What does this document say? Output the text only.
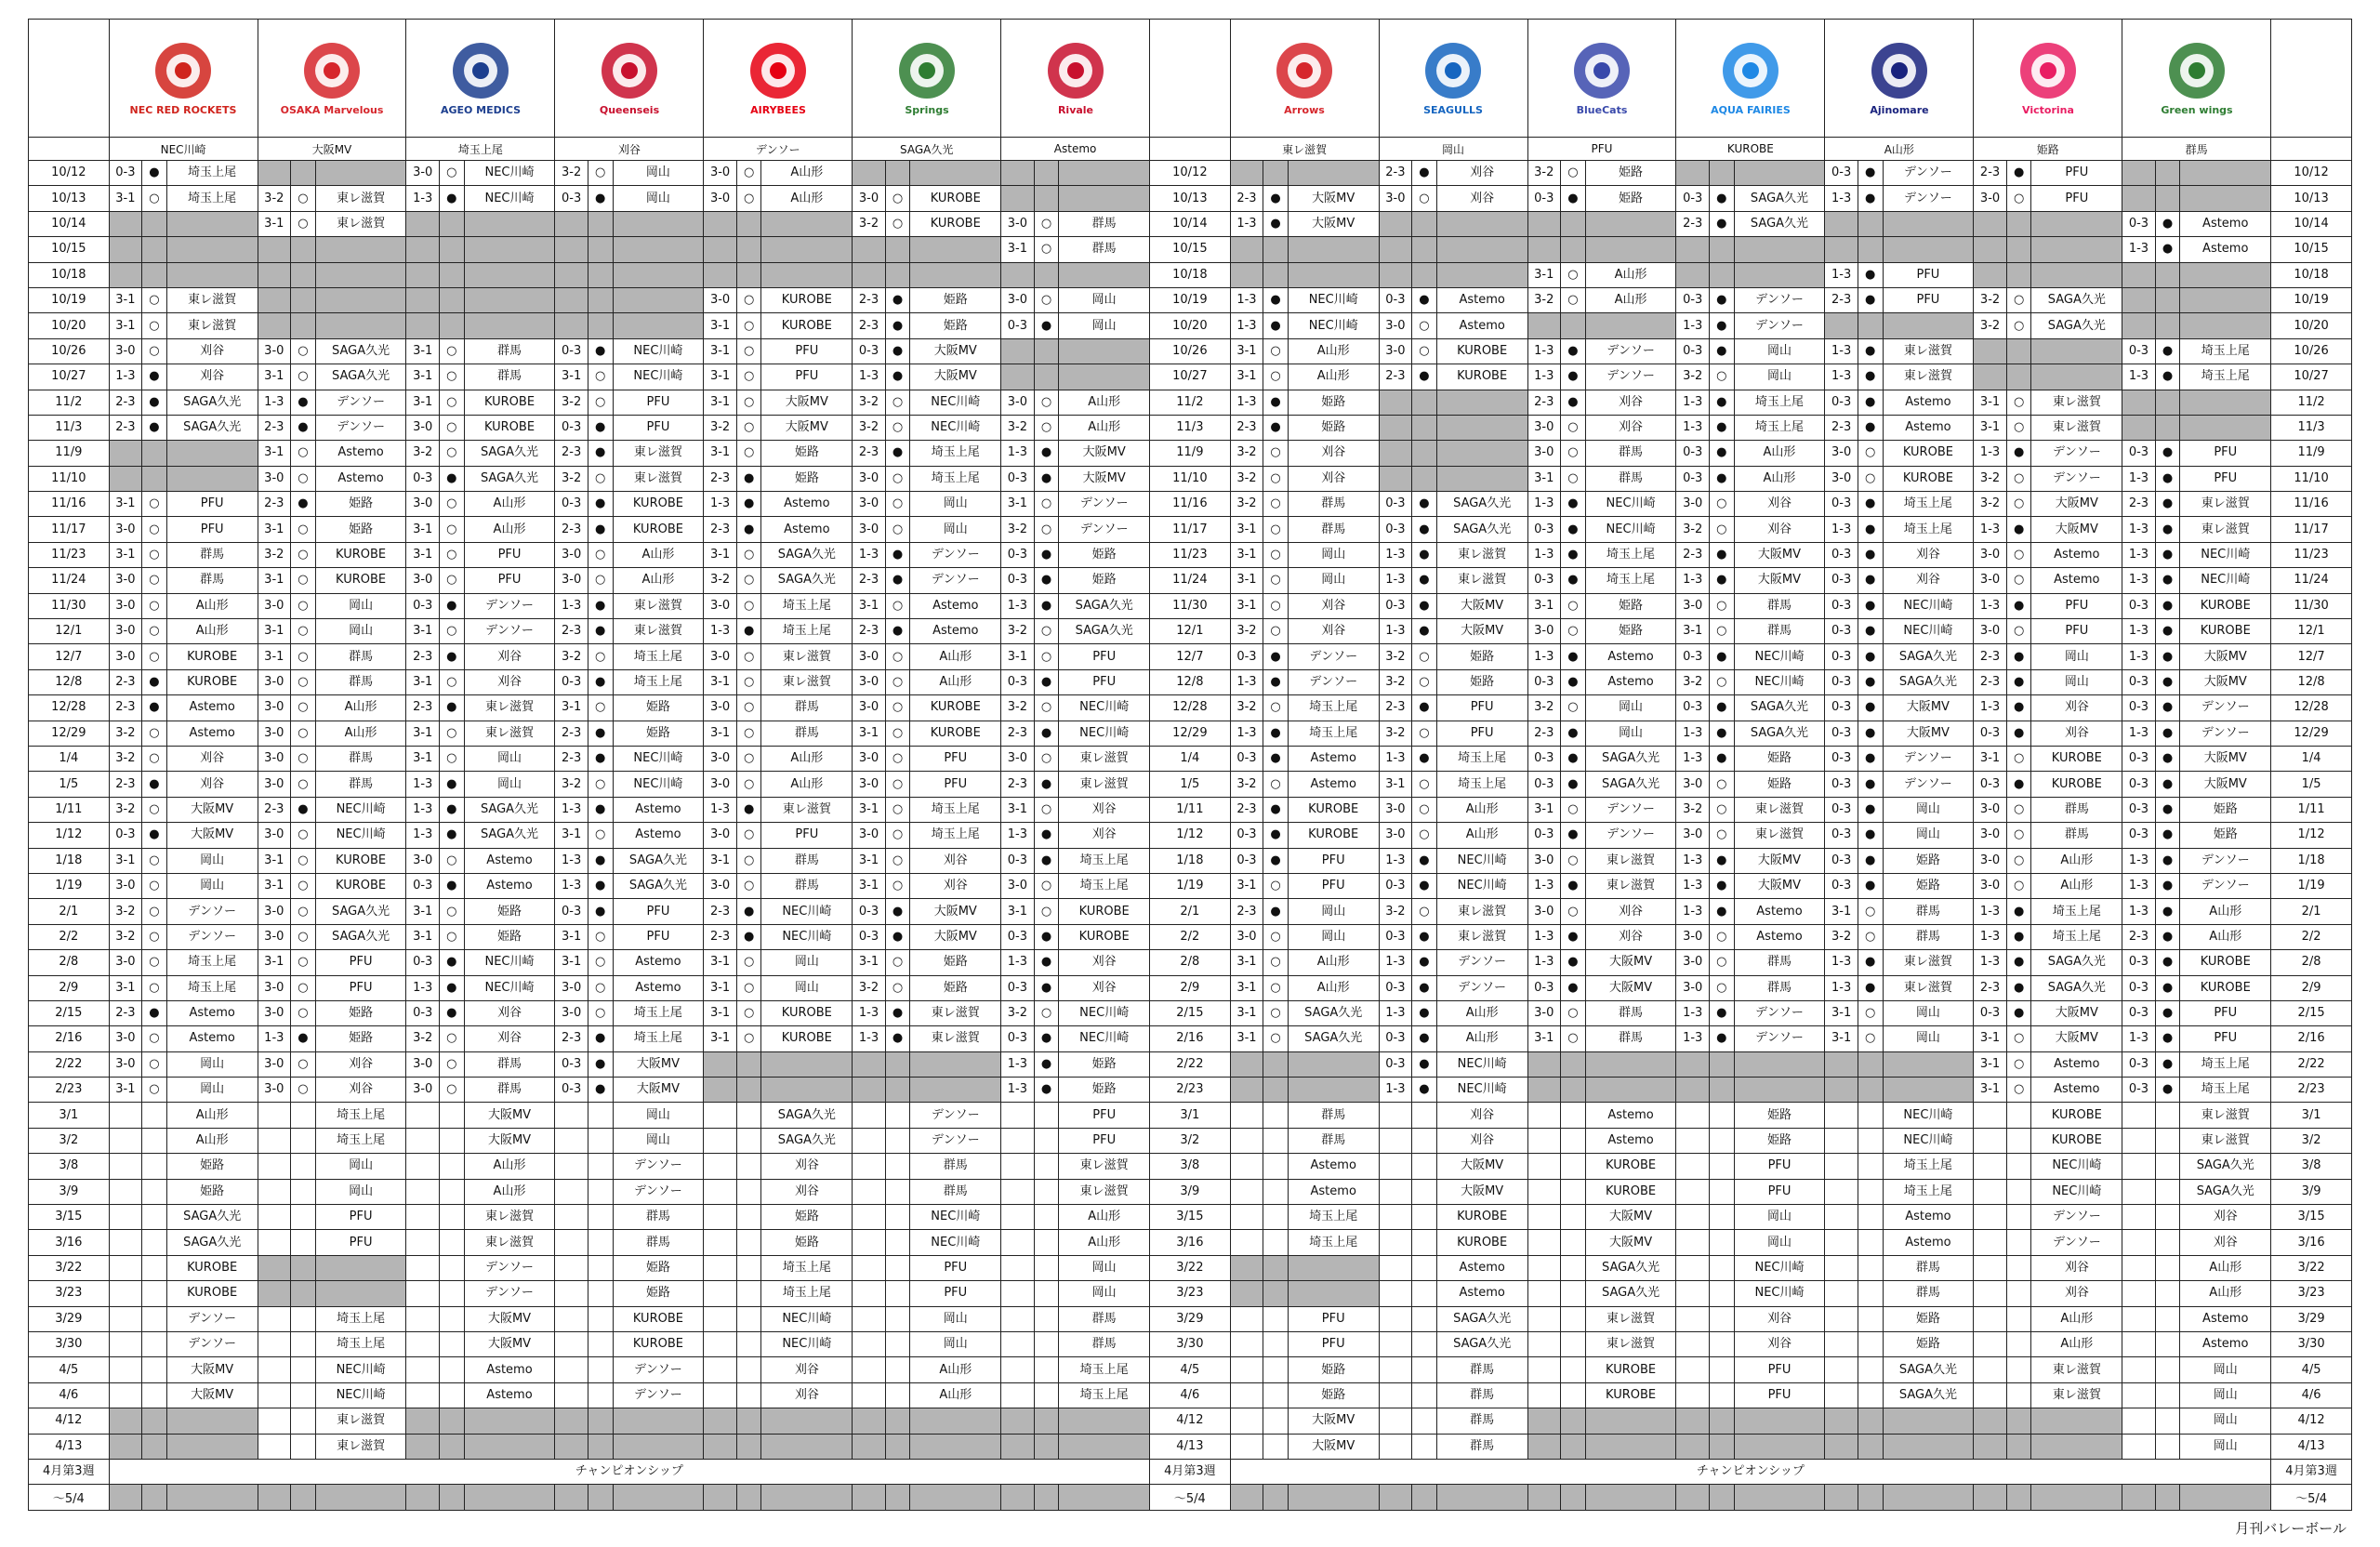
NEC RED ROCKETS			OSAKA Marvelous			AGEO MEDICS			Queenseis			AIRYBEES			Springs			Rivale				Arrows			SEAGULLS			BlueCats			AQUA FAIRIES			Ajinomare			Victorina			Green wings			

	NEC川崎			大阪MV			埼玉上尾			刈谷			デンソー			SAGA久光			Astemo				東レ滋賀			岡山			PFU			KUROBE			A山形			姫路			群馬			
10/12	0-3	●	埼玉上尾				3-0	○	NEC川崎	3-2	○	岡山	3-0	○	A山形							10/12				2-3	●	刈谷	3-2	○	姫路				0-3	●	デンソー	2-3	●	PFU				10/12
10/13	3-1	○	埼玉上尾	3-2	○	東レ滋賀	1-3	●	NEC川崎	0-3	●	岡山	3-0	○	A山形	3-0	○	KUROBE				10/13	2-3	●	大阪MV	3-0	○	刈谷	0-3	●	姫路	0-3	●	SAGA久光	1-3	●	デンソー	3-0	○	PFU				10/13
10/14				3-1	○	東レ滋賀										3-2	○	KUROBE	3-0	○	群馬	10/14	1-3	●	大阪MV							2-3	●	SAGA久光							0-3	●	Astemo	10/14
10/15																			3-1	○	群馬	10/15																			1-3	●	Astemo	10/15
10/18																						10/18							3-1	○	A山形				1-3	●	PFU							10/18
10/19	3-1	○	東レ滋賀										3-0	○	KUROBE	2-3	●	姫路	3-0	○	岡山	10/19	1-3	●	NEC川崎	0-3	●	Astemo	3-2	○	A山形	0-3	●	デンソー	2-3	●	PFU	3-2	○	SAGA久光				10/19
10/20	3-1	○	東レ滋賀										3-1	○	KUROBE	2-3	●	姫路	0-3	●	岡山	10/20	1-3	●	NEC川崎	3-0	○	Astemo				1-3	●	デンソー				3-2	○	SAGA久光				10/20
10/26	3-0	○	刈谷	3-0	○	SAGA久光	3-1	○	群馬	0-3	●	NEC川崎	3-1	○	PFU	0-3	●	大阪MV				10/26	3-1	○	A山形	3-0	○	KUROBE	1-3	●	デンソー	0-3	●	岡山	1-3	●	東レ滋賀				0-3	●	埼玉上尾	10/26
10/27	1-3	●	刈谷	3-1	○	SAGA久光	3-1	○	群馬	3-1	○	NEC川崎	3-1	○	PFU	1-3	●	大阪MV				10/27	3-1	○	A山形	2-3	●	KUROBE	1-3	●	デンソー	3-2	○	岡山	1-3	●	東レ滋賀				1-3	●	埼玉上尾	10/27
11/2	2-3	●	SAGA久光	1-3	●	デンソー	3-1	○	KUROBE	3-2	○	PFU	3-1	○	大阪MV	3-2	○	NEC川崎	3-0	○	A山形	11/2	1-3	●	姫路				2-3	●	刈谷	1-3	●	埼玉上尾	0-3	●	Astemo	3-1	○	東レ滋賀				11/2
11/3	2-3	●	SAGA久光	2-3	●	デンソー	3-0	○	KUROBE	0-3	●	PFU	3-2	○	大阪MV	3-2	○	NEC川崎	3-2	○	A山形	11/3	2-3	●	姫路				3-0	○	刈谷	1-3	●	埼玉上尾	2-3	●	Astemo	3-1	○	東レ滋賀				11/3
11/9				3-1	○	Astemo	3-2	○	SAGA久光	2-3	●	東レ滋賀	3-1	○	姫路	2-3	●	埼玉上尾	1-3	●	大阪MV	11/9	3-2	○	刈谷				3-0	○	群馬	0-3	●	A山形	3-0	○	KUROBE	1-3	●	デンソー	0-3	●	PFU	11/9
11/10				3-0	○	Astemo	0-3	●	SAGA久光	3-2	○	東レ滋賀	2-3	●	姫路	3-0	○	埼玉上尾	0-3	●	大阪MV	11/10	3-2	○	刈谷				3-1	○	群馬	0-3	●	A山形	3-0	○	KUROBE	3-2	○	デンソー	1-3	●	PFU	11/10
11/16	3-1	○	PFU	2-3	●	姫路	3-0	○	A山形	0-3	●	KUROBE	1-3	●	Astemo	3-0	○	岡山	3-1	○	デンソー	11/16	3-2	○	群馬	0-3	●	SAGA久光	1-3	●	NEC川崎	3-0	○	刈谷	0-3	●	埼玉上尾	3-2	○	大阪MV	2-3	●	東レ滋賀	11/16
11/17	3-0	○	PFU	3-1	○	姫路	3-1	○	A山形	2-3	●	KUROBE	2-3	●	Astemo	3-0	○	岡山	3-2	○	デンソー	11/17	3-1	○	群馬	0-3	●	SAGA久光	0-3	●	NEC川崎	3-2	○	刈谷	1-3	●	埼玉上尾	1-3	●	大阪MV	1-3	●	東レ滋賀	11/17
11/23	3-1	○	群馬	3-2	○	KUROBE	3-1	○	PFU	3-0	○	A山形	3-1	○	SAGA久光	1-3	●	デンソー	0-3	●	姫路	11/23	3-1	○	岡山	1-3	●	東レ滋賀	1-3	●	埼玉上尾	2-3	●	大阪MV	0-3	●	刈谷	3-0	○	Astemo	1-3	●	NEC川崎	11/23
11/24	3-0	○	群馬	3-1	○	KUROBE	3-0	○	PFU	3-0	○	A山形	3-2	○	SAGA久光	2-3	●	デンソー	0-3	●	姫路	11/24	3-1	○	岡山	1-3	●	東レ滋賀	0-3	●	埼玉上尾	1-3	●	大阪MV	0-3	●	刈谷	3-0	○	Astemo	1-3	●	NEC川崎	11/24
11/30	3-0	○	A山形	3-0	○	岡山	0-3	●	デンソー	1-3	●	東レ滋賀	3-0	○	埼玉上尾	3-1	○	Astemo	1-3	●	SAGA久光	11/30	3-1	○	刈谷	0-3	●	大阪MV	3-1	○	姫路	3-0	○	群馬	0-3	●	NEC川崎	1-3	●	PFU	0-3	●	KUROBE	11/30
12/1	3-0	○	A山形	3-1	○	岡山	3-1	○	デンソー	2-3	●	東レ滋賀	1-3	●	埼玉上尾	2-3	●	Astemo	3-2	○	SAGA久光	12/1	3-2	○	刈谷	1-3	●	大阪MV	3-0	○	姫路	3-1	○	群馬	0-3	●	NEC川崎	3-0	○	PFU	1-3	●	KUROBE	12/1
12/7	3-0	○	KUROBE	3-1	○	群馬	2-3	●	刈谷	3-2	○	埼玉上尾	3-0	○	東レ滋賀	3-0	○	A山形	3-1	○	PFU	12/7	0-3	●	デンソー	3-2	○	姫路	1-3	●	Astemo	0-3	●	NEC川崎	0-3	●	SAGA久光	2-3	●	岡山	1-3	●	大阪MV	12/7
12/8	2-3	●	KUROBE	3-0	○	群馬	3-1	○	刈谷	0-3	●	埼玉上尾	3-1	○	東レ滋賀	3-0	○	A山形	0-3	●	PFU	12/8	1-3	●	デンソー	3-2	○	姫路	0-3	●	Astemo	3-2	○	NEC川崎	0-3	●	SAGA久光	2-3	●	岡山	0-3	●	大阪MV	12/8
12/28	2-3	●	Astemo	3-0	○	A山形	2-3	●	東レ滋賀	3-1	○	姫路	3-0	○	群馬	3-0	○	KUROBE	3-2	○	NEC川崎	12/28	3-2	○	埼玉上尾	2-3	●	PFU	3-2	○	岡山	0-3	●	SAGA久光	0-3	●	大阪MV	1-3	●	刈谷	0-3	●	デンソー	12/28
12/29	3-2	○	Astemo	3-0	○	A山形	3-1	○	東レ滋賀	2-3	●	姫路	3-1	○	群馬	3-1	○	KUROBE	2-3	●	NEC川崎	12/29	1-3	●	埼玉上尾	3-2	○	PFU	2-3	●	岡山	1-3	●	SAGA久光	0-3	●	大阪MV	0-3	●	刈谷	1-3	●	デンソー	12/29
1/4	3-2	○	刈谷	3-0	○	群馬	3-1	○	岡山	2-3	●	NEC川崎	3-0	○	A山形	3-0	○	PFU	3-0	○	東レ滋賀	1/4	0-3	●	Astemo	1-3	●	埼玉上尾	0-3	●	SAGA久光	1-3	●	姫路	0-3	●	デンソー	3-1	○	KUROBE	0-3	●	大阪MV	1/4
1/5	2-3	●	刈谷	3-0	○	群馬	1-3	●	岡山	3-2	○	NEC川崎	3-0	○	A山形	3-0	○	PFU	2-3	●	東レ滋賀	1/5	3-2	○	Astemo	3-1	○	埼玉上尾	0-3	●	SAGA久光	3-0	○	姫路	0-3	●	デンソー	0-3	●	KUROBE	0-3	●	大阪MV	1/5
1/11	3-2	○	大阪MV	2-3	●	NEC川崎	1-3	●	SAGA久光	1-3	●	Astemo	1-3	●	東レ滋賀	3-1	○	埼玉上尾	3-1	○	刈谷	1/11	2-3	●	KUROBE	3-0	○	A山形	3-1	○	デンソー	3-2	○	東レ滋賀	0-3	●	岡山	3-0	○	群馬	0-3	●	姫路	1/11
1/12	0-3	●	大阪MV	3-0	○	NEC川崎	1-3	●	SAGA久光	3-1	○	Astemo	3-0	○	PFU	3-0	○	埼玉上尾	1-3	●	刈谷	1/12	0-3	●	KUROBE	3-0	○	A山形	0-3	●	デンソー	3-0	○	東レ滋賀	0-3	●	岡山	3-0	○	群馬	0-3	●	姫路	1/12
1/18	3-1	○	岡山	3-1	○	KUROBE	3-0	○	Astemo	1-3	●	SAGA久光	3-1	○	群馬	3-1	○	刈谷	0-3	●	埼玉上尾	1/18	0-3	●	PFU	1-3	●	NEC川崎	3-0	○	東レ滋賀	1-3	●	大阪MV	0-3	●	姫路	3-0	○	A山形	1-3	●	デンソー	1/18
1/19	3-0	○	岡山	3-1	○	KUROBE	0-3	●	Astemo	1-3	●	SAGA久光	3-0	○	群馬	3-1	○	刈谷	3-0	○	埼玉上尾	1/19	3-1	○	PFU	0-3	●	NEC川崎	1-3	●	東レ滋賀	1-3	●	大阪MV	0-3	●	姫路	3-0	○	A山形	1-3	●	デンソー	1/19
2/1	3-2	○	デンソー	3-0	○	SAGA久光	3-1	○	姫路	0-3	●	PFU	2-3	●	NEC川崎	0-3	●	大阪MV	3-1	○	KUROBE	2/1	2-3	●	岡山	3-2	○	東レ滋賀	3-0	○	刈谷	1-3	●	Astemo	3-1	○	群馬	1-3	●	埼玉上尾	1-3	●	A山形	2/1
2/2	3-2	○	デンソー	3-0	○	SAGA久光	3-1	○	姫路	3-1	○	PFU	2-3	●	NEC川崎	0-3	●	大阪MV	0-3	●	KUROBE	2/2	3-0	○	岡山	0-3	●	東レ滋賀	1-3	●	刈谷	3-0	○	Astemo	3-2	○	群馬	1-3	●	埼玉上尾	2-3	●	A山形	2/2
2/8	3-0	○	埼玉上尾	3-1	○	PFU	0-3	●	NEC川崎	3-1	○	Astemo	3-1	○	岡山	3-1	○	姫路	1-3	●	刈谷	2/8	3-1	○	A山形	1-3	●	デンソー	1-3	●	大阪MV	3-0	○	群馬	1-3	●	東レ滋賀	1-3	●	SAGA久光	0-3	●	KUROBE	2/8
2/9	3-1	○	埼玉上尾	3-0	○	PFU	1-3	●	NEC川崎	3-0	○	Astemo	3-1	○	岡山	3-2	○	姫路	0-3	●	刈谷	2/9	3-1	○	A山形	0-3	●	デンソー	0-3	●	大阪MV	3-0	○	群馬	1-3	●	東レ滋賀	2-3	●	SAGA久光	0-3	●	KUROBE	2/9
2/15	2-3	●	Astemo	3-0	○	姫路	0-3	●	刈谷	3-0	○	埼玉上尾	3-1	○	KUROBE	1-3	●	東レ滋賀	3-2	○	NEC川崎	2/15	3-1	○	SAGA久光	1-3	●	A山形	3-0	○	群馬	1-3	●	デンソー	3-1	○	岡山	0-3	●	大阪MV	0-3	●	PFU	2/15
2/16	3-0	○	Astemo	1-3	●	姫路	3-2	○	刈谷	2-3	●	埼玉上尾	3-1	○	KUROBE	1-3	●	東レ滋賀	0-3	●	NEC川崎	2/16	3-1	○	SAGA久光	0-3	●	A山形	3-1	○	群馬	1-3	●	デンソー	3-1	○	岡山	3-1	○	大阪MV	1-3	●	PFU	2/16
2/22	3-0	○	岡山	3-0	○	刈谷	3-0	○	群馬	0-3	●	大阪MV							1-3	●	姫路	2/22				0-3	●	NEC川崎										3-1	○	Astemo	0-3	●	埼玉上尾	2/22
2/23	3-1	○	岡山	3-0	○	刈谷	3-0	○	群馬	0-3	●	大阪MV							1-3	●	姫路	2/23				1-3	●	NEC川崎										3-1	○	Astemo	0-3	●	埼玉上尾	2/23
3/1			A山形			埼玉上尾			大阪MV			岡山			SAGA久光			デンソー			PFU	3/1			群馬			刈谷			Astemo			姫路			NEC川崎			KUROBE			東レ滋賀	3/1
3/2			A山形			埼玉上尾			大阪MV			岡山			SAGA久光			デンソー			PFU	3/2			群馬			刈谷			Astemo			姫路			NEC川崎			KUROBE			東レ滋賀	3/2
3/8			姫路			岡山			A山形			デンソー			刈谷			群馬			東レ滋賀	3/8			Astemo			大阪MV			KUROBE			PFU			埼玉上尾			NEC川崎			SAGA久光	3/8
3/9			姫路			岡山			A山形			デンソー			刈谷			群馬			東レ滋賀	3/9			Astemo			大阪MV			KUROBE			PFU			埼玉上尾			NEC川崎			SAGA久光	3/9
3/15			SAGA久光			PFU			東レ滋賀			群馬			姫路			NEC川崎			A山形	3/15			埼玉上尾			KUROBE			大阪MV			岡山			Astemo			デンソー			刈谷	3/15
3/16			SAGA久光			PFU			東レ滋賀			群馬			姫路			NEC川崎			A山形	3/16			埼玉上尾			KUROBE			大阪MV			岡山			Astemo			デンソー			刈谷	3/16
3/22			KUROBE						デンソー			姫路			埼玉上尾			PFU			岡山	3/22						Astemo			SAGA久光			NEC川崎			群馬			刈谷			A山形	3/22
3/23			KUROBE						デンソー			姫路			埼玉上尾			PFU			岡山	3/23						Astemo			SAGA久光			NEC川崎			群馬			刈谷			A山形	3/23
3/29			デンソー			埼玉上尾			大阪MV			KUROBE			NEC川崎			岡山			群馬	3/29			PFU			SAGA久光			東レ滋賀			刈谷			姫路			A山形			Astemo	3/29
3/30			デンソー			埼玉上尾			大阪MV			KUROBE			NEC川崎			岡山			群馬	3/30			PFU			SAGA久光			東レ滋賀			刈谷			姫路			A山形			Astemo	3/30
4/5			大阪MV			NEC川崎			Astemo			デンソー			刈谷			A山形			埼玉上尾	4/5			姫路			群馬			KUROBE			PFU			SAGA久光			東レ滋賀			岡山	4/5
4/6			大阪MV			NEC川崎			Astemo			デンソー			刈谷			A山形			埼玉上尾	4/6			姫路			群馬			KUROBE			PFU			SAGA久光			東レ滋賀			岡山	4/6
4/12						東レ滋賀																4/12			大阪MV			群馬															岡山	4/12
4/13						東レ滋賀																4/13			大阪MV			群馬															岡山	4/13
4月第3週	チャンピオンシップ																					4月第3週	チャンピオンシップ																					4月第3週
～5/4																						～5/4																						～5/4
月刊バレーボール
